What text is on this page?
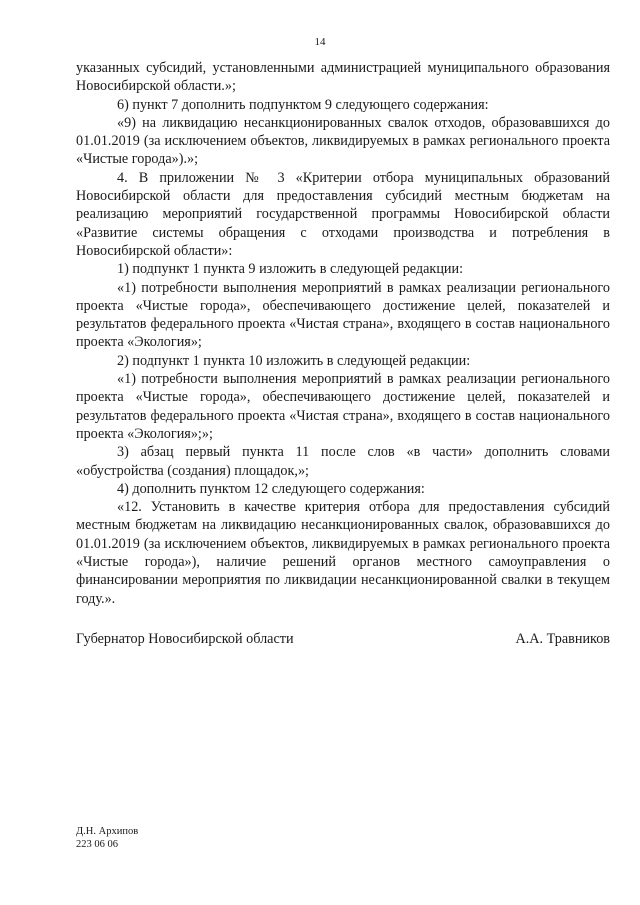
14

указанных субсидий, установленными администрацией муниципального образования Новосибирской области.»;

6) пункт 7 дополнить подпунктом 9 следующего содержания:

«9) на ликвидацию несанкционированных свалок отходов, образовавшихся до 01.01.2019 (за исключением объектов, ликвидируемых в рамках регионального проекта «Чистые города»).»;

4. В приложении № 3 «Критерии отбора муниципальных образований Новосибирской области для предоставления субсидий местным бюджетам на реализацию мероприятий государственной программы Новосибирской области «Развитие системы обращения с отходами производства и потребления в Новосибирской области»:

1) подпункт 1 пункта 9 изложить в следующей редакции:

«1) потребности выполнения мероприятий в рамках реализации регионального проекта «Чистые города», обеспечивающего достижение целей, показателей и результатов федерального проекта «Чистая страна», входящего в состав национального проекта «Экология»;

2) подпункт 1 пункта 10 изложить в следующей редакции:

«1) потребности выполнения мероприятий в рамках реализации регионального проекта «Чистые города», обеспечивающего достижение целей, показателей и результатов федерального проекта «Чистая страна», входящего в состав национального проекта «Экология»;»;

3) абзац первый пункта 11 после слов «в части» дополнить словами «обустройства (создания) площадок,»;

4) дополнить пунктом 12 следующего содержания:

«12. Установить в качестве критерия отбора для предоставления субсидий местным бюджетам на ликвидацию несанкционированных свалок, образовавшихся до 01.01.2019 (за исключением объектов, ликвидируемых в рамках регионального проекта «Чистые города»), наличие решений органов местного самоуправления о финансировании мероприятия по ликвидации несанкционированной свалки в текущем году.».

Губернатор Новосибирской области	А.А. Травников
Д.Н. Архипов
223 06 06
